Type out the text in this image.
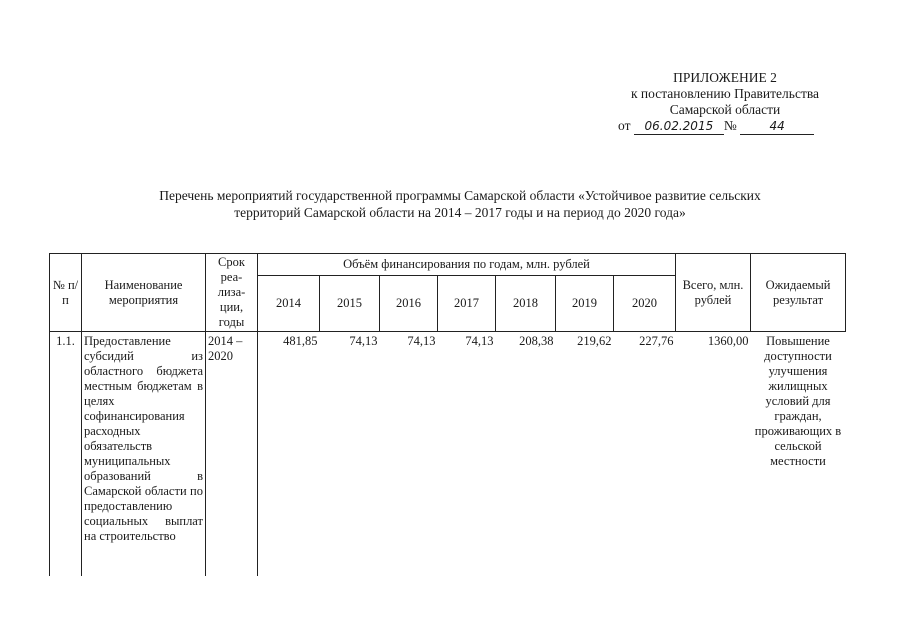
ПРИЛОЖЕНИЕ 2
к постановлению Правительства
Самарской области
от 06.02.2015 №	44
Перечень мероприятий государственной программы Самарской области «Устойчивое развитие сельских
территорий Самарской области на 2014 – 2017 годы и на период до 2020 года»
№ п/п	Наименование мероприятия	Срок реа-лиза-ции, годы	Объём финансирования по годам, млн. рублей							Всего, млн. рублей	Ожидаемый результат
			2014	2015	2016	2017	2018	2019	2020		
1.1.	Предоставление субсидий из областного бюджета местным бюджетам в целях софинансирования расходных обязательств муниципальных образований в Самарской области по предоставлению социальных выплат на строительство	2014 – 2020	481,85	74,13	74,13	74,13	208,38	219,62	227,76	1360,00	Повышение доступности улучшения жилищных условий для граждан, проживающих в сельской местности
